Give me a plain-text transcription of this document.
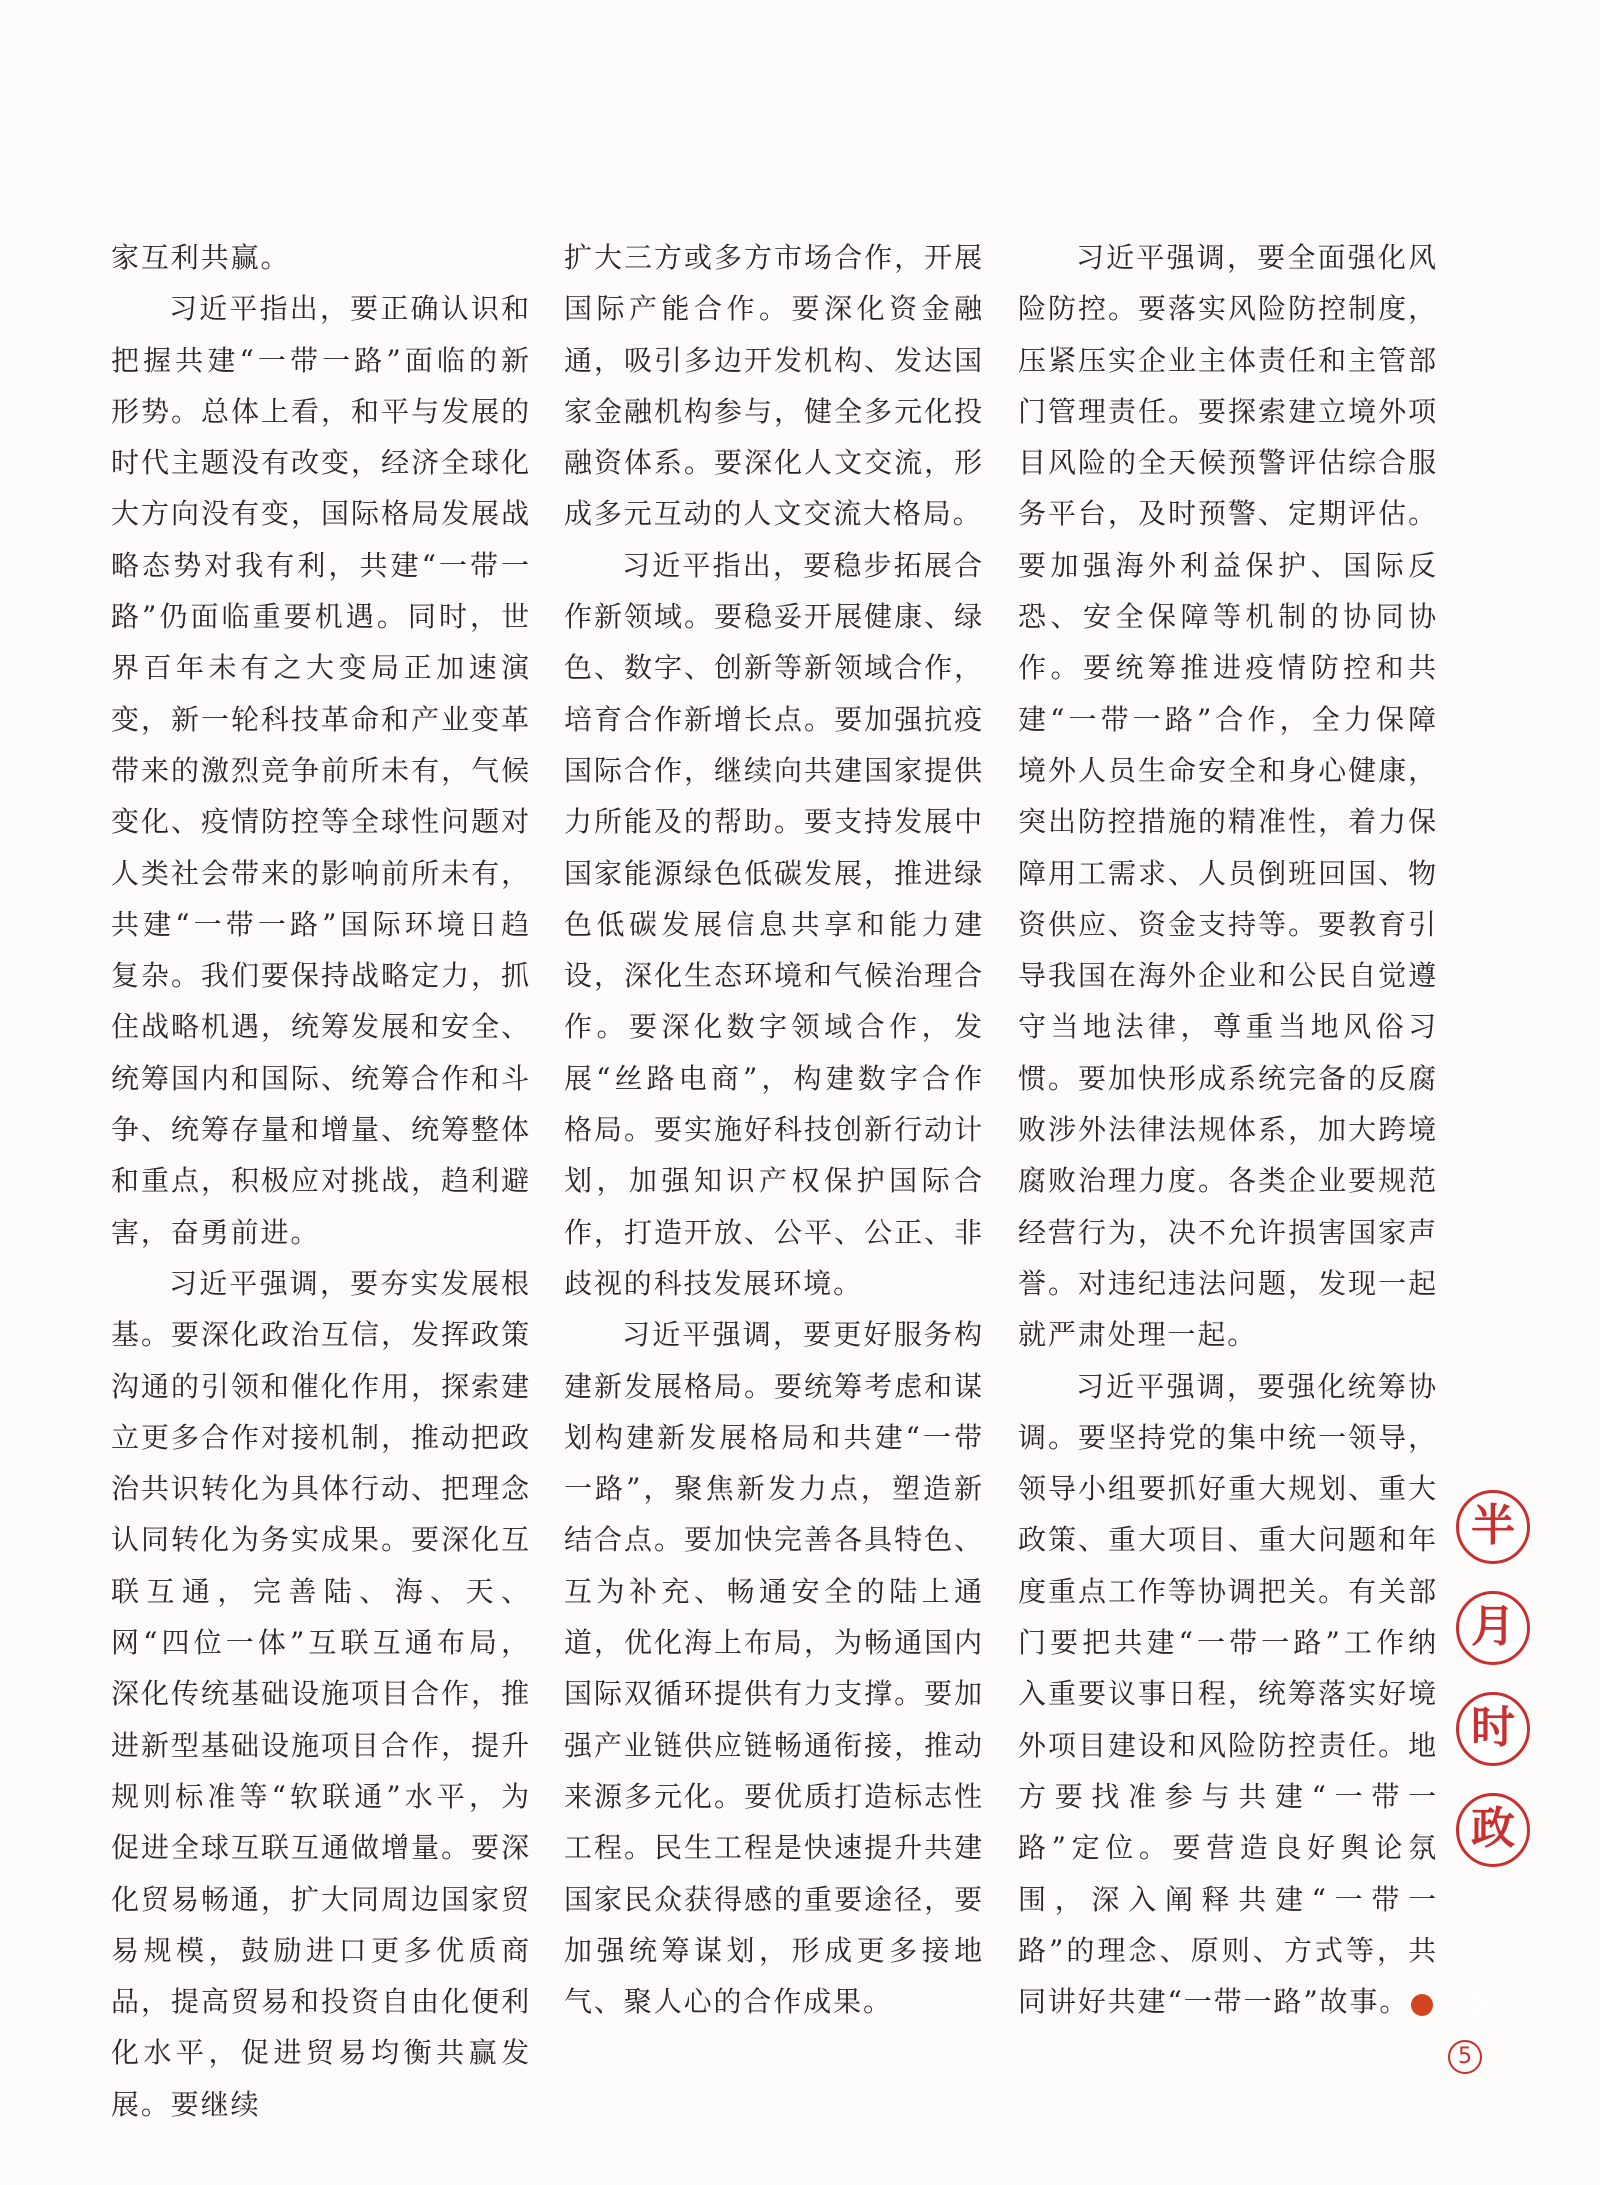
家互利共赢。

习近平指出，要正确认识和把握共建“一带一路”面临的新形势。总体上看，和平与发展的时代主题没有改变，经济全球化大方向没有变，国际格局发展战略态势对我有利，共建“一带一路”仍面临重要机遇。同时，世界百年未有之大变局正加速演变，新一轮科技革命和产业变革带来的激烈竞争前所未有，气候变化、疫情防控等全球性问题对人类社会带来的影响前所未有，共建“一带一路”国际环境日趋复杂。我们要保持战略定力，抓住战略机遇，统筹发展和安全、统筹国内和国际、统筹合作和斗争、统筹存量和增量、统筹整体和重点，积极应对挑战，趋利避害，奋勇前进。

习近平强调，要夯实发展根基。要深化政治互信，发挥政策沟通的引领和催化作用，探索建立更多合作对接机制，推动把政治共识转化为具体行动、把理念认同转化为务实成果。要深化互联互通，完善陆、海、天、网“四位一体”互联互通布局，深化传统基础设施项目合作，推进新型基础设施项目合作，提升规则标准等“软联通”水平，为促进全球互联互通做增量。要深化贸易畅通，扩大同周边国家贸易规模，鼓励进口更多优质商品，提高贸易和投资自由化便利化水平，促进贸易均衡共赢发展。要继续

扩大三方或多方市场合作，开展国际产能合作。要深化资金融通，吸引多边开发机构、发达国家金融机构参与，健全多元化投融资体系。要深化人文交流，形成多元互动的人文交流大格局。

习近平指出，要稳步拓展合作新领域。要稳妥开展健康、绿色、数字、创新等新领域合作，培育合作新增长点。要加强抗疫国际合作，继续向共建国家提供力所能及的帮助。要支持发展中国家能源绿色低碳发展，推进绿色低碳发展信息共享和能力建设，深化生态环境和气候治理合作。要深化数字领域合作，发展“丝路电商”，构建数字合作格局。要实施好科技创新行动计划，加强知识产权保护国际合作，打造开放、公平、公正、非歧视的科技发展环境。

习近平强调，要更好服务构建新发展格局。要统筹考虑和谋划构建新发展格局和共建“一带一路”，聚焦新发力点，塑造新结合点。要加快完善各具特色、互为补充、畅通安全的陆上通道，优化海上布局，为畅通国内国际双循环提供有力支撑。要加强产业链供应链畅通衔接，推动来源多元化。要优质打造标志性工程。民生工程是快速提升共建国家民众获得感的重要途径，要加强统筹谋划，形成更多接地气、聚人心的合作成果。

习近平强调，要全面强化风险防控。要落实风险防控制度，压紧压实企业主体责任和主管部门管理责任。要探索建立境外项目风险的全天候预警评估综合服务平台，及时预警、定期评估。要加强海外利益保护、国际反恐、安全保障等机制的协同协作。要统筹推进疫情防控和共建“一带一路”合作，全力保障境外人员生命安全和身心健康，突出防控措施的精准性，着力保障用工需求、人员倒班回国、物资供应、资金支持等。要教育引导我国在海外企业和公民自觉遵守当地法律，尊重当地风俗习惯。要加快形成系统完备的反腐败涉外法律法规体系，加大跨境腐败治理力度。各类企业要规范经营行为，决不允许损害国家声誉。对违纪违法问题，发现一起就严肃处理一起。

习近平强调，要强化统筹协调。要坚持党的集中统一领导，领导小组要抓好重大规划、重大政策、重大项目、重大问题和年度重点工作等协调把关。有关部门要把共建“一带一路”工作纳入重要议事日程，统筹落实好境外项目建设和风险防控责任。地方要找准参与共建“一带一路”定位。要营造良好舆论氛围，深入阐释共建“一带一路”的理念、原则、方式等，共同讲好共建“一带一路”故事。	个

半
月
时
政
5
